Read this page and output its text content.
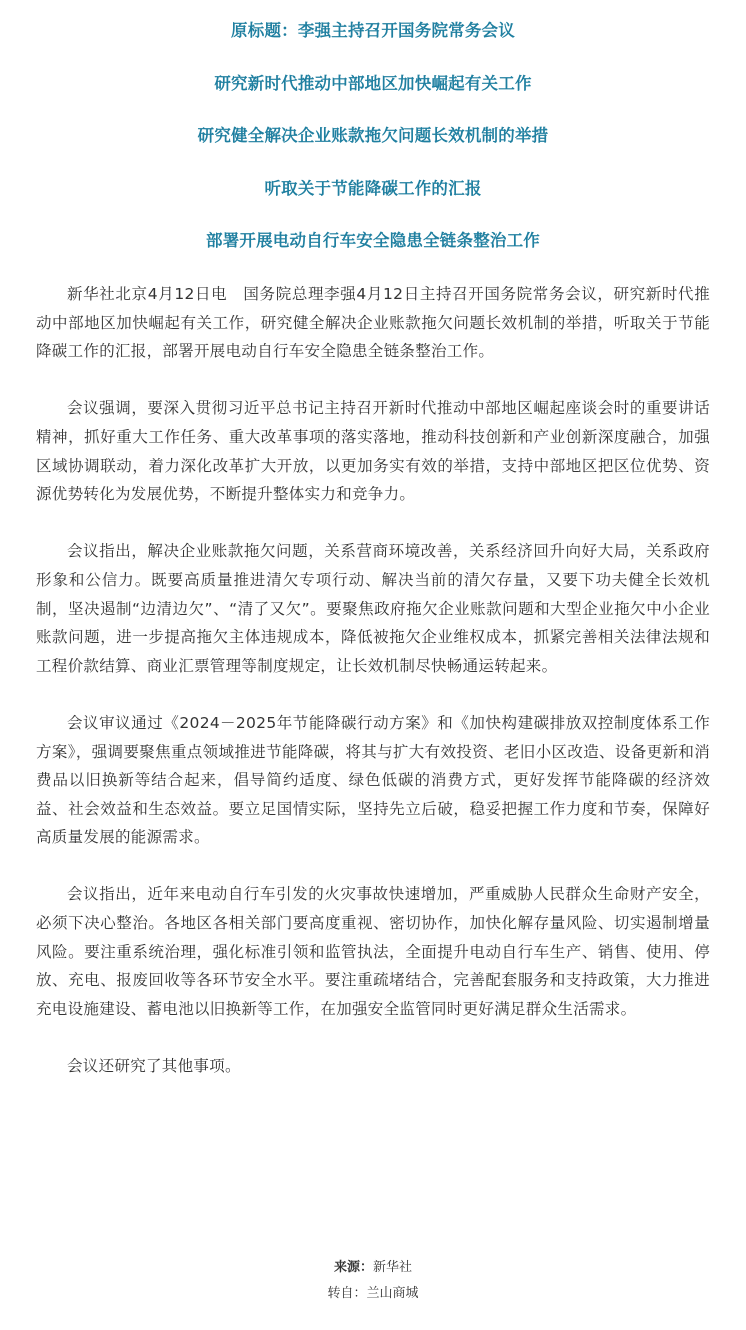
原标题：李强主持召开国务院常务会议
研究新时代推动中部地区加快崛起有关工作
研究健全解决企业账款拖欠问题长效机制的举措
听取关于节能降碳工作的汇报
部署开展电动自行车安全隐患全链条整治工作

新华社北京4月12日电　国务院总理李强4月12日主持召开国务院常务会议，研究新时代推动中部地区加快崛起有关工作，研究健全解决企业账款拖欠问题长效机制的举措，听取关于节能降碳工作的汇报，部署开展电动自行车安全隐患全链条整治工作。

会议强调，要深入贯彻习近平总书记主持召开新时代推动中部地区崛起座谈会时的重要讲话精神，抓好重大工作任务、重大改革事项的落实落地，推动科技创新和产业创新深度融合，加强区域协调联动，着力深化改革扩大开放，以更加务实有效的举措，支持中部地区把区位优势、资源优势转化为发展优势，不断提升整体实力和竞争力。

会议指出，解决企业账款拖欠问题，关系营商环境改善，关系经济回升向好大局，关系政府形象和公信力。既要高质量推进清欠专项行动、解决当前的清欠存量，又要下功夫健全长效机制，坚决遏制“边清边欠”、“清了又欠”。要聚焦政府拖欠企业账款问题和大型企业拖欠中小企业账款问题，进一步提高拖欠主体违规成本，降低被拖欠企业维权成本，抓紧完善相关法律法规和工程价款结算、商业汇票管理等制度规定，让长效机制尽快畅通运转起来。

会议审议通过《2024－2025年节能降碳行动方案》和《加快构建碳排放双控制度体系工作方案》，强调要聚焦重点领域推进节能降碳，将其与扩大有效投资、老旧小区改造、设备更新和消费品以旧换新等结合起来，倡导简约适度、绿色低碳的消费方式，更好发挥节能降碳的经济效益、社会效益和生态效益。要立足国情实际，坚持先立后破，稳妥把握工作力度和节奏，保障好高质量发展的能源需求。

会议指出，近年来电动自行车引发的火灾事故快速增加，严重威胁人民群众生命财产安全，必须下决心整治。各地区各相关部门要高度重视、密切协作，加快化解存量风险、切实遏制增量风险。要注重系统治理，强化标准引领和监管执法，全面提升电动自行车生产、销售、使用、停放、充电、报废回收等各环节安全水平。要注重疏堵结合，完善配套服务和支持政策，大力推进充电设施建设、蓄电池以旧换新等工作，在加强安全监管同时更好满足群众生活需求。

会议还研究了其他事项。

来源：新华社
转自：兰山商城
